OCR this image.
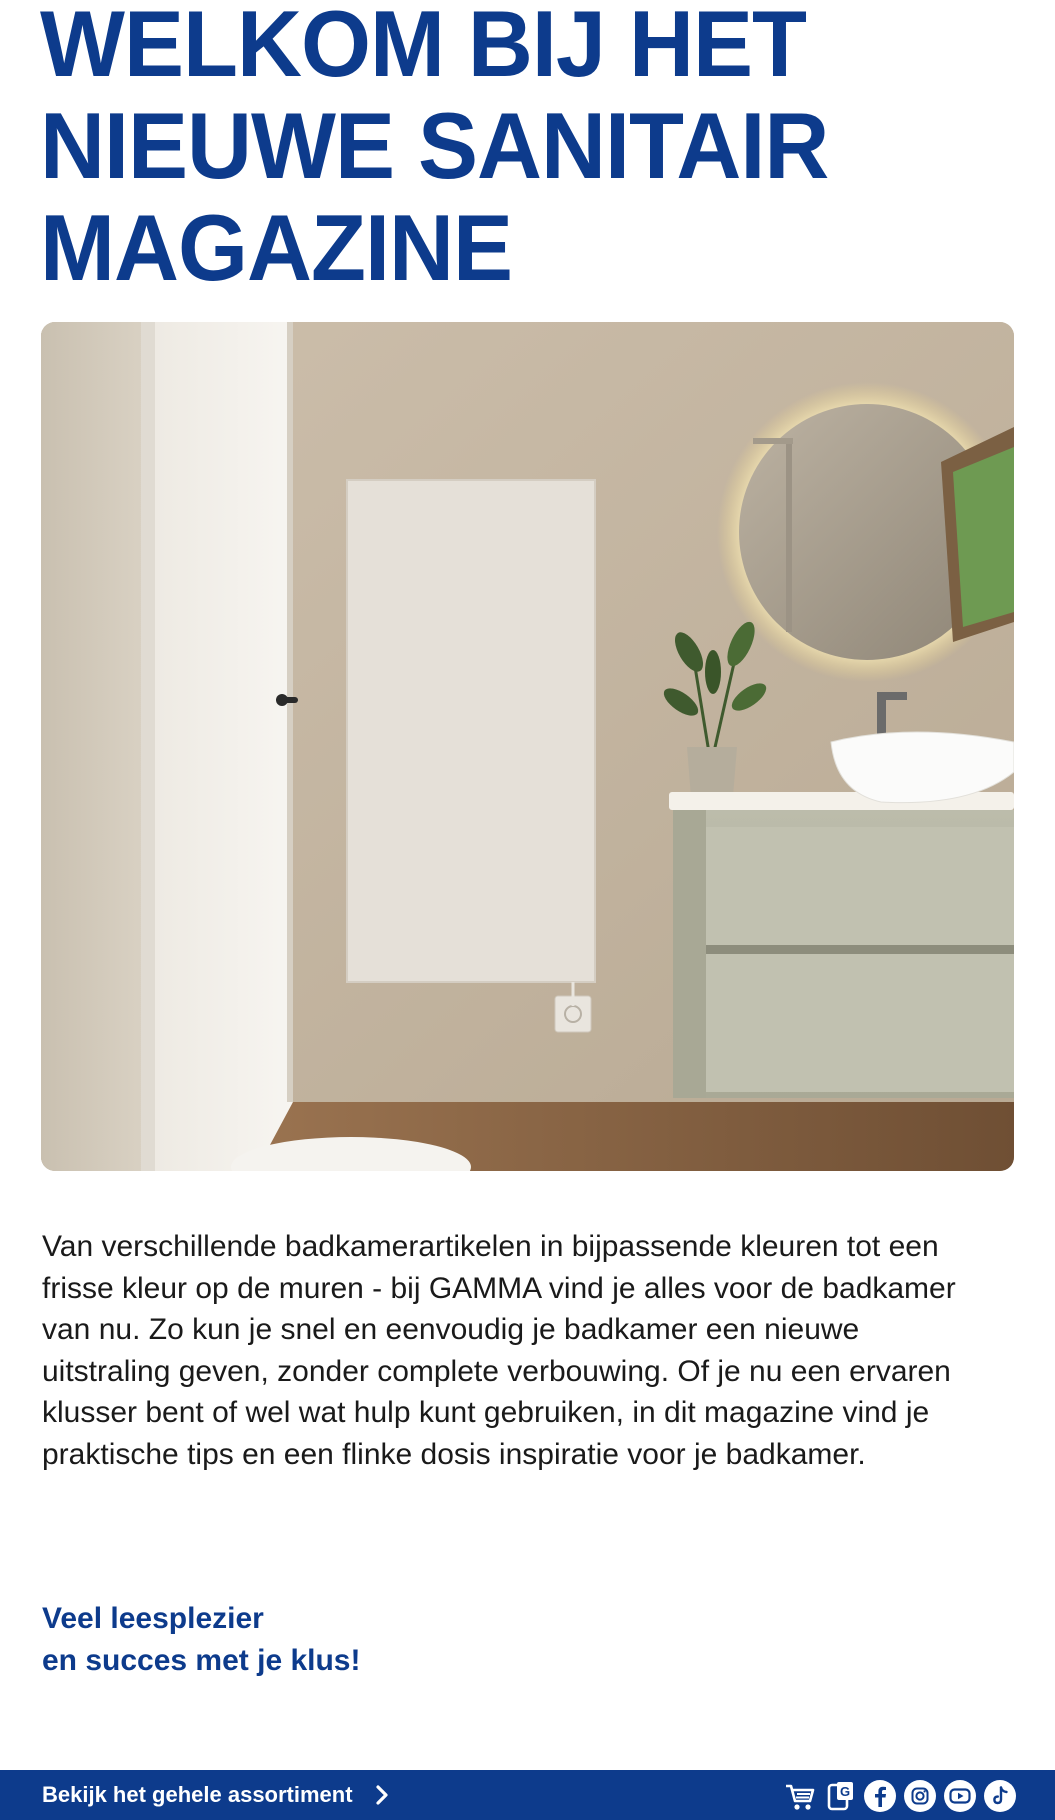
WELKOM BIJ HET
NIEUWE SANITAIR
MAGAZINE

Van verschillende badkamerartikelen in bijpassende kleuren tot een frisse kleur op de muren - bij GAMMA vind je alles voor de badkamer van nu. Zo kun je snel en eenvoudig je badkamer een nieuwe uitstraling geven, zonder complete verbouwing. Of je nu een ervaren klusser bent of wel wat hulp kunt gebruiken, in dit magazine vind je praktische tips en een flinke dosis inspiratie voor je badkamer.

Veel leesplezier
en succes met je klus!

Bekijk het gehele assortiment	G
